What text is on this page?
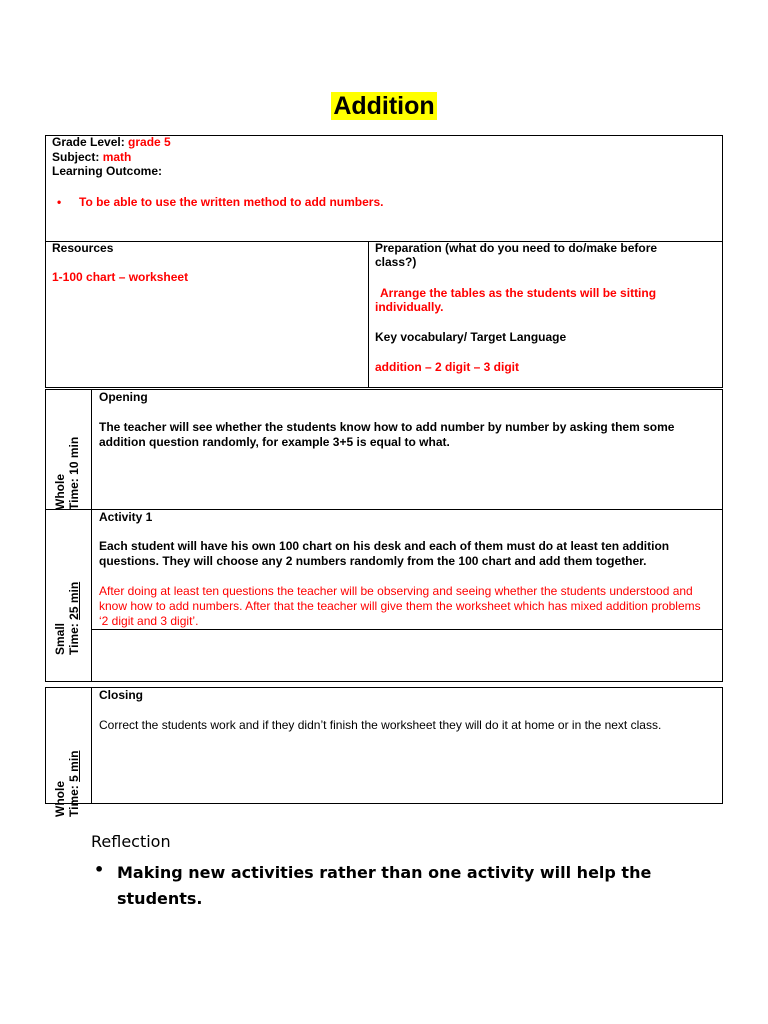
Addition
Grade Level: grade 5
Subject: math
Learning Outcome:
• To be able to use the written method to add numbers.
Resources
1-100 chart – worksheet
Preparation (what do you need to do/make before class?)
Arrange the tables as the students will be sitting individually.
Key vocabulary/ Target Language
addition – 2 digit – 3 digit
Whole Time: 10 min
Opening
The teacher will see whether the students know how to add number by number by asking them some addition question randomly, for example 3+5 is equal to what.
Small Time: 25 min
Activity 1
Each student will have his own 100 chart on his desk and each of them must do at least ten addition questions. They will choose any 2 numbers randomly from the 100 chart and add them together.
After doing at least ten questions the teacher will be observing and seeing whether the students understood and know how to add numbers. After that the teacher will give them the worksheet which has mixed addition problems ‘2 digit and 3 digit’.
Whole Time: 5 min
Closing
Correct the students work and if they didn’t finish the worksheet they will do it at home or in the next class.
Reflection
• Making new activities rather than one activity will help the students.
